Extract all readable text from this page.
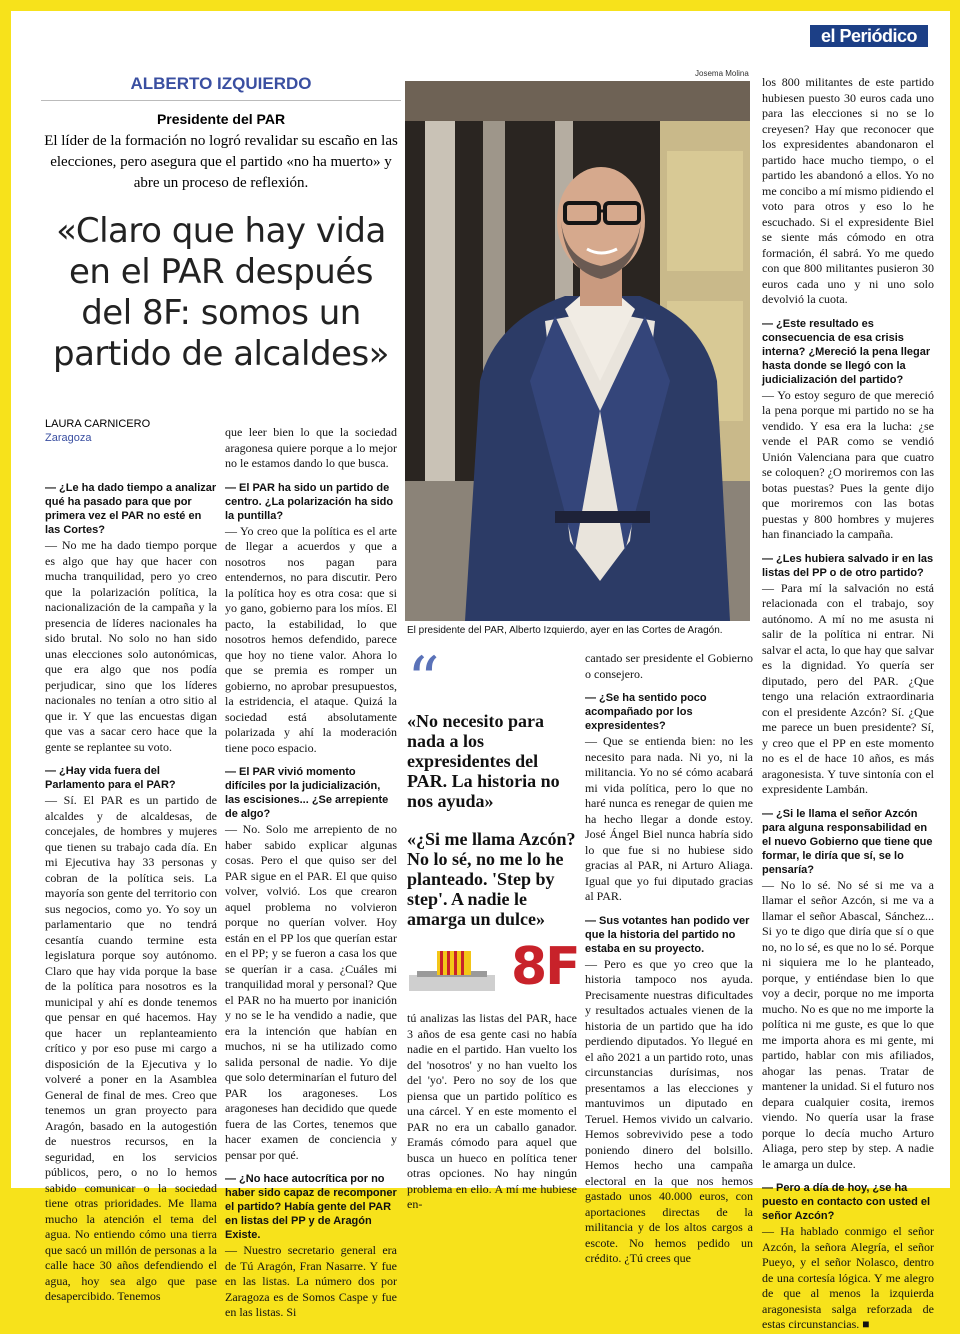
el Periódico
ALBERTO IZQUIERDO
Presidente del PAR
El líder de la formación no logró revalidar su escaño en las elecciones, pero asegura que el partido «no ha muerto» y abre un proceso de reflexión.
«Claro que hay vida en el PAR después del 8F: somos un partido de alcaldes»
LAURA CARNICERO
Zaragoza
Josema Molina
El presidente del PAR, Alberto Izquierdo, ayer en las Cortes de Aragón.

— ¿Le ha dado tiempo a analizar qué ha pasado para que por primera vez el PAR no esté en las Cortes?

— No me ha dado tiempo porque es algo que hay que hacer con mucha tranquilidad, pero yo creo que la polarización política, la nacionalización de la campaña y la presencia de líderes nacionales ha sido brutal. No solo no han sido unas elecciones solo autonómicas, que era algo que nos podía perjudicar, sino que los líderes nacionales no tenían a otro sitio al que ir. Y que las encuestas digan que vas a sacar cero hace que la gente se replantee su voto.

— ¿Hay vida fuera del Parlamento para el PAR?

— Sí. El PAR es un partido de alcaldes y de alcaldesas, de concejales, de hombres y mujeres que tienen su trabajo cada día. En mi Ejecutiva hay 33 personas y cobran de la política seis. La mayoría son gente del territorio con sus negocios, como yo. Yo soy un parlamentario que no tendrá cesantía cuando termine esta legislatura porque soy autónomo. Claro que hay vida porque la base de la política para nosotros es la municipal y ahí es donde tenemos que pensar en qué hacemos. Hay que hacer un replanteamiento crítico y por eso puse mi cargo a disposición de la Ejecutiva y lo volveré a poner en la Asamblea General de final de mes. Creo que tenemos un gran proyecto para Aragón, basado en la autogestión de nuestros recursos, en la seguridad, en los servicios públicos, pero, o no lo hemos sabido comunicar o la sociedad tiene otras prioridades. Me llama mucho la atención el tema del agua. No entiendo cómo una tierra que sacó un millón de personas a la calle hace 30 años defendiendo el agua, hoy sea algo que pase desapercibido. Tenemos

que leer bien lo que la sociedad aragonesa quiere porque a lo mejor no le estamos dando lo que busca.

— El PAR ha sido un partido de centro. ¿La polarización ha sido la puntilla?

— Yo creo que la política es el arte de llegar a acuerdos y que a nosotros nos pagan para entendernos, no para discutir. Pero la política hoy es otra cosa: que si yo gano, gobierno para los míos. El pacto, la estabilidad, lo que nosotros hemos defendido, parece que hoy no tiene valor. Ahora lo que se premia es romper un gobierno, no aprobar presupuestos, la estridencia, el ataque. Quizá la sociedad está absolutamente polarizada y ahí la moderación tiene poco espacio.

— El PAR vivió momento difíciles por la judicialización, las escisiones... ¿Se arrepiente de algo?

— No. Solo me arrepiento de no haber sabido explicar algunas cosas. Pero el que quiso ser del PAR sigue en el PAR. El que quiso volver, volvió. Los que crearon aquel problema no volvieron porque no querían volver. Hoy están en el PP los que querían estar en el PP; y se fueron a casa los que se querían ir a casa. ¿Cuáles mi tranquilidad moral y personal? Que el PAR no ha muerto por inanición y no se le ha vendido a nadie, que era la intención que habían en muchos, ni se ha utilizado como salida personal de nadie. Yo dije que solo determinarían el futuro del PAR los aragoneses. Los aragoneses han decidido que quede fuera de las Cortes, tenemos que hacer examen de conciencia y pensar por qué.

— ¿No hace autocrítica por no haber sido capaz de recomponer el partido? Había gente del PAR en listas del PP y de Aragón Existe.

— Nuestro secretario general era de Tú Aragón, Fran Nasarre. Y fue en las listas. La número dos por Zaragoza es de Somos Caspe y fue en las listas. Si

“
«No necesito para nada a los expresidentes del PAR. La historia no nos ayuda»
«¿Si me llama Azcón? No lo sé, no me lo he planteado. 'Step by step'. A nadie le amarga un dulce»
8F

tú analizas las listas del PAR, hace 3 años de esa gente casi no había nadie en el partido. Han vuelto los del 'nosotros' y no han vuelto los del 'yo'. Pero no soy de los que piensa que un partido político es una cárcel. Y en este momento el PAR no era un caballo ganador. Eramás cómodo para aquel que busca un hueco en política tener otras opciones. No hay ningún problema en ello. A mí me hubiese en-

cantado ser presidente el Gobierno o consejero.

— ¿Se ha sentido poco acompañado por los expresidentes?

— Que se entienda bien: no les necesito para nada. Ni yo, ni la militancia. Yo no sé cómo acabará mi vida política, pero lo que no haré nunca es renegar de quien me ha hecho llegar a donde estoy. José Ángel Biel nunca habría sido lo que fue si no hubiese sido gracias al PAR, ni Arturo Aliaga. Igual que yo fui diputado gracias al PAR.

— Sus votantes han podido ver que la historia del partido no estaba en su proyecto.

— Pero es que yo creo que la historia tampoco nos ayuda. Precisamente nuestras dificultades y resultados actuales vienen de la historia de un partido que ha ido perdiendo diputados. Yo llegué en el año 2021 a un partido roto, unas circunstancias durísimas, nos presentamos a las elecciones y mantuvimos un diputado en Teruel. Hemos vivido un calvario. Hemos sobrevivido pese a todo poniendo dinero del bolsillo. Hemos hecho una campaña electoral en la que nos hemos gastado unos 40.000 euros, con aportaciones directas de la militancia y de los altos cargos a escote. No hemos pedido un crédito. ¿Tú crees que

los 800 militantes de este partido hubiesen puesto 30 euros cada uno para las elecciones si no se lo creyesen? Hay que reconocer que los expresidentes abandonaron el partido hace mucho tiempo, o el partido les abandonó a ellos. Yo no me concibo a mí mismo pidiendo el voto para otros y eso lo he escuchado. Si el expresidente Biel se siente más cómodo en otra formación, él sabrá. Yo me quedo con que 800 militantes pusieron 30 euros cada uno y ni uno solo devolvió la cuota.

— ¿Este resultado es consecuencia de esa crisis interna? ¿Mereció la pena llegar hasta donde se llegó con la judicialización del partido?

— Yo estoy seguro de que mereció la pena porque mi partido no se ha vendido. Y esa era la lucha: ¿se vende el PAR como se vendió Unión Valenciana para que cuatro se coloquen? ¿O moriremos con las botas puestas? Pues la gente dijo que moriremos con las botas puestas y 800 hombres y mujeres han financiado la campaña.

— ¿Les hubiera salvado ir en las listas del PP o de otro partido?

— Para mí la salvación no está relacionada con el trabajo, soy autónomo. A mí no me asusta ni salir de la política ni entrar. Ni salvar el acta, lo que hay que salvar es la dignidad. Yo quería ser diputado, pero del PAR. ¿Que tengo una relación extraordinaria con el presidente Azcón? Sí. ¿Que me parece un buen presidente? Sí, y creo que el PP en este momento no es el de hace 10 años, es más aragonesista. Y tuve sintonía con el expresidente Lambán.

— ¿Si le llama el señor Azcón para alguna responsabilidad en el nuevo Gobierno que tiene que formar, le diría que sí, se lo pensaría?

— No lo sé. No sé si me va a llamar el señor Azcón, si me va a llamar el señor Abascal, Sánchez... Si yo te digo que diría que sí o que no, no lo sé, es que no lo sé. Porque ni siquiera me lo he planteado, porque, y entiéndase bien lo que voy a decir, porque no me importa mucho. No es que no me importe la política ni me guste, es que lo que me importa ahora es mi gente, mi partido, hablar con mis afiliados, ahogar las penas. Tratar de mantener la unidad. Si el futuro nos depara cualquier cosita, iremos viendo. No quería usar la frase porque lo decía mucho Arturo Aliaga, pero step by step. A nadie le amarga un dulce.

— Pero a día de hoy, ¿se ha puesto en contacto con usted el señor Azcón?

— Ha hablado conmigo el señor Azcón, la señora Alegría, el señor Pueyo, y el señor Nolasco, dentro de una cortesía lógica. Y me alegro de que al menos la izquierda aragonesista salga reforzada de estas circunstancias. ■
